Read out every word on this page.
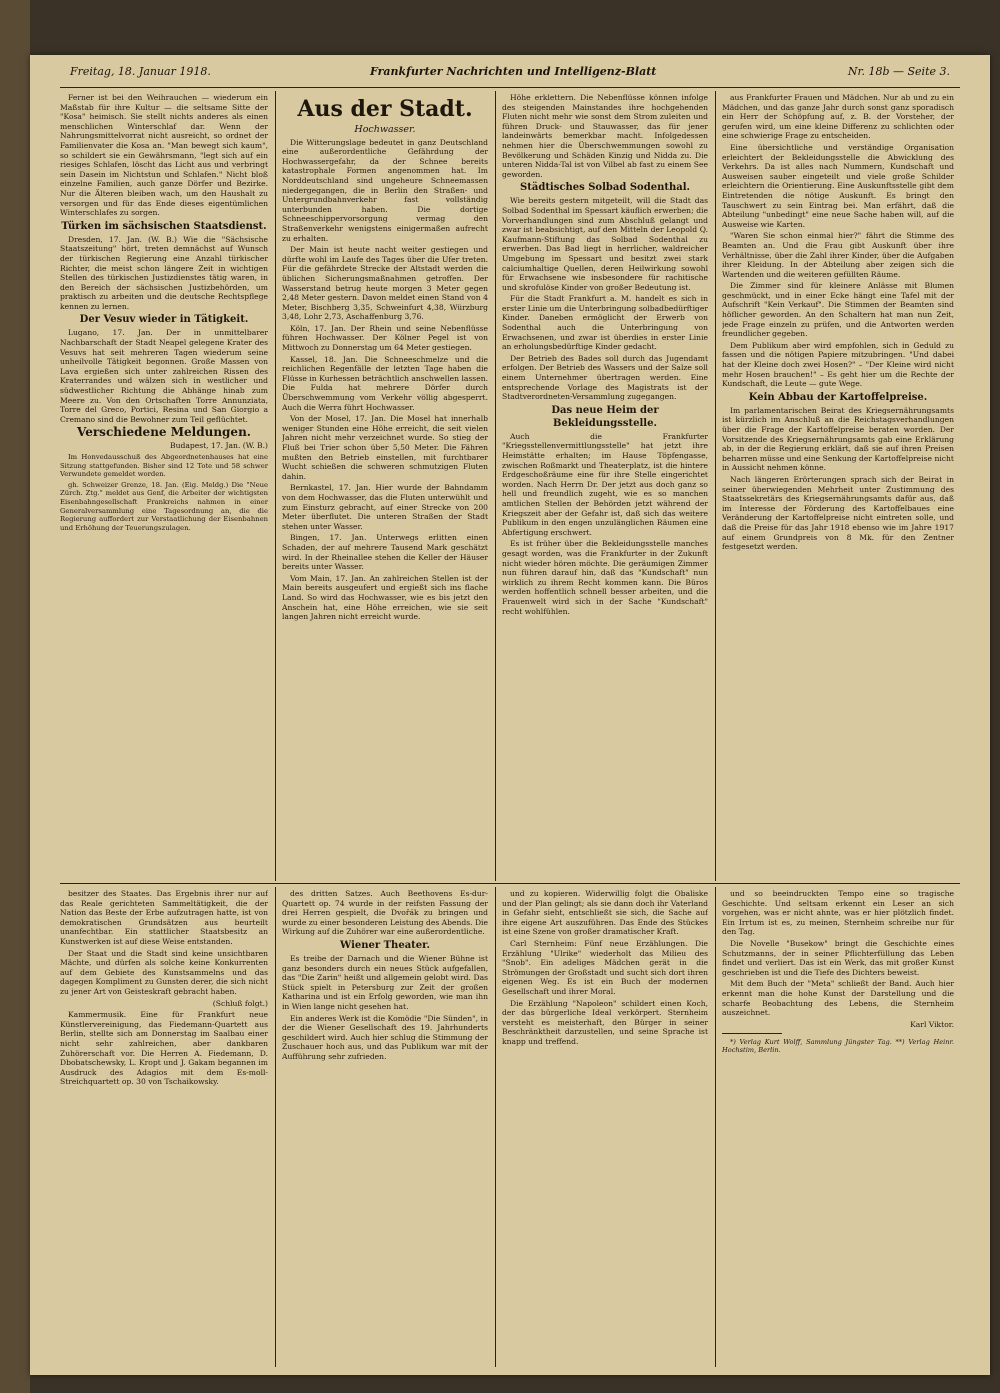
Freitag, 18. Januar 1918.	Frankfurter Nachrichten und Intelligenz-Blatt	Nr. 18b — Seite 3.

Ferner ist bei den Weihrauchen — wiederum ein Maßstab für ihre Kultur — die seltsame Sitte der "Kosa" heimisch. Sie stellt nichts anderes als einen menschlichen Winterschlaf dar. Wenn der Nahrungsmittelvorrat nicht ausreicht, so ordnet der Familienvater die Kosa an. "Man bewegt sich kaum", so schildert sie ein Gewährsmann, "legt sich auf ein riesiges Schlafen, löscht das Licht aus und verbringt sein Dasein im Nichtstun und Schlafen." Nicht bloß einzelne Familien, auch ganze Dörfer und Bezirke. Nur die Älteren bleiben wach, um den Haushalt zu versorgen und für das Ende dieses eigentümlichen Winterschlafes zu sorgen.

Türken im sächsischen Staatsdienst.

Dresden, 17. Jan. (W. B.) Wie die "Sächsische Staatszeitung" hört, treten demnächst auf Wunsch der türkischen Regierung eine Anzahl türkischer Richter, die meist schon längere Zeit in wichtigen Stellen des türkischen Justizdienstes tätig waren, in den Bereich der sächsischen Justizbehörden, um praktisch zu arbeiten und die deutsche Rechtspflege kennen zu lernen.

Der Vesuv wieder in Tätigkeit.

Lugano, 17. Jan. Der in unmittelbarer Nachbarschaft der Stadt Neapel gelegene Krater des Vesuvs hat seit mehreren Tagen wiederum seine unheilvolle Tätigkeit begonnen. Große Massen von Lava ergießen sich unter zahlreichen Rissen des Kraterrandes und wälzen sich in westlicher und südwestlicher Richtung die Abhänge hinab zum Meere zu. Von den Ortschaften Torre Annunziata, Torre del Greco, Portici, Resina und San Giorgio a Cremano sind die Bewohner zum Teil geflüchtet.

Verschiedene Meldungen.

Budapest, 17. Jan. (W. B.)

Im Honvedausschuß des Abgeordnetenhauses hat eine Sitzung stattgefunden. Bisher sind 12 Tote und 58 schwer Verwundete gemeldet worden.

gh. Schweizer Grenze, 18. Jan. (Eig. Meldg.) Die "Neue Zürch. Ztg." meldet aus Genf, die Arbeiter der wichtigsten Eisenbahngesellschaft Frankreichs nahmen in einer Generalversammlung eine Tagesordnung an, die die Regierung auffordert zur Verstaatlichung der Eisenbahnen und Erhöhung der Teuerungszulagen.

Aus der Stadt.
Hochwasser.

Die Witterungslage bedeutet in ganz Deutschland eine außerordentliche Gefährdung der Hochwassergefahr, da der Schnee bereits katastrophale Formen angenommen hat. Im Norddeutschland sind ungeheure Schneemassen niedergegangen, die in Berlin den Straßen- und Untergrundbahnverkehr fast vollständig unterbunden haben. Die dortige Schneeschippervorsorgung vermag den Straßenverkehr wenigstens einigermaßen aufrecht zu erhalten.

Der Main ist heute nacht weiter gestiegen und dürfte wohl im Laufe des Tages über die Ufer treten. Für die gefährdete Strecke der Altstadt werden die üblichen Sicherungsmaßnahmen getroffen. Der Wasserstand betrug heute morgen 3 Meter gegen 2,48 Meter gestern. Davon meldet einen Stand von 4 Meter, Bischberg 3,35, Schweinfurt 4,38, Würzburg 3,48, Lohr 2,73, Aschaffenburg 3,76.

Köln, 17. Jan. Der Rhein und seine Nebenflüsse führen Hochwasser. Der Kölner Pegel ist von Mittwoch zu Donnerstag um 64 Meter gestiegen.

Kassel, 18. Jan. Die Schneeschmelze und die reichlichen Regenfälle der letzten Tage haben die Flüsse in Kurhessen beträchtlich anschwellen lassen. Die Fulda hat mehrere Dörfer durch Überschwemmung vom Verkehr völlig abgesperrt. Auch die Werra führt Hochwasser.

Von der Mosel, 17. Jan. Die Mosel hat innerhalb weniger Stunden eine Höhe erreicht, die seit vielen Jahren nicht mehr verzeichnet wurde. So stieg der Fluß bei Trier schon über 5,50 Meter. Die Fähren mußten den Betrieb einstellen, mit furchtbarer Wucht schießen die schweren schmutzigen Fluten dahin.

Bernkastel, 17. Jan. Hier wurde der Bahndamm von dem Hochwasser, das die Fluten unterwühlt und zum Einsturz gebracht, auf einer Strecke von 200 Meter überflutet. Die unteren Straßen der Stadt stehen unter Wasser.

Bingen, 17. Jan. Unterwegs erlitten einen Schaden, der auf mehrere Tausend Mark geschätzt wird. In der Rheinallee stehen die Keller der Häuser bereits unter Wasser.

Vom Main, 17. Jan. An zahlreichen Stellen ist der Main bereits ausgeufert und ergießt sich ins flache Land. So wird das Hochwasser, wie es bis jetzt den Anschein hat, eine Höhe erreichen, wie sie seit langen Jahren nicht erreicht wurde.

Höhe erklettern. Die Nebenflüsse können infolge des steigenden Mainstandes ihre hochgehenden Fluten nicht mehr wie sonst dem Strom zuleiten und führen Druck- und Stauwasser, das für jener landeinwärts bemerkbar macht. Infolgedessen nehmen hier die Überschwemmungen sowohl zu Bevölkerung und Schäden Kinzig und Nidda zu. Die unteren Nidda-Tal ist von Vilbel ab fast zu einem See geworden.

Städtisches Solbad Sodenthal.

Wie bereits gestern mitgeteilt, will die Stadt das Solbad Sodenthal im Spessart käuflich erwerben; die Vorverhandlungen sind zum Abschluß gelangt und zwar ist beabsichtigt, auf den Mitteln der Leopold Q. Kaufmann-Stiftung das Solbad Sodenthal zu erwerben. Das Bad liegt in herrlicher, waldreicher Umgebung im Spessart und besitzt zwei stark calciumhaltige Quellen, deren Heilwirkung sowohl für Erwachsene wie insbesondere für rachitische und skrofulöse Kinder von großer Bedeutung ist.

Für die Stadt Frankfurt a. M. handelt es sich in erster Linie um die Unterbringung solbadbedürftiger Kinder. Daneben ermöglicht der Erwerb von Sodenthal auch die Unterbringung von Erwachsenen, und zwar ist überdies in erster Linie an erholungsbedürftige Kinder gedacht.

Der Betrieb des Bades soll durch das Jugendamt erfolgen. Der Betrieb des Wassers und der Salze soll einem Unternehmer übertragen werden. Eine entsprechende Vorlage des Magistrats ist der Stadtverordneten-Versammlung zugegangen.

Das neue Heim der Bekleidungsstelle.

Auch die Frankfurter "Kriegsstellenvermittlungsstelle" hat jetzt ihre Heimstätte erhalten; im Hause Töpfengasse, zwischen Roßmarkt und Theaterplatz, ist die hintere Erdgeschoßräume eine für ihre Stelle eingerichtet worden. Nach Herrn Dr. Der jetzt aus doch ganz so hell und freundlich zugeht, wie es so manchen amtlichen Stellen der Behörden jetzt während der Kriegszeit aber der Gefahr ist, daß sich das weitere Publikum in den engen unzulänglichen Räumen eine Abfertigung erschwert.

Es ist früher über die Bekleidungsstelle manches gesagt worden, was die Frankfurter in der Zukunft nicht wieder hören möchte. Die geräumigen Zimmer nun führen darauf hin, daß das "Kundschaft" nun wirklich zu ihrem Recht kommen kann. Die Büros werden hoffentlich schnell besser arbeiten, und die Frauenwelt wird sich in der Sache "Kundschaft" recht wohlfühlen.

aus Frankfurter Frauen und Mädchen. Nur ab und zu ein Mädchen, und das ganze Jahr durch sonst ganz sporadisch ein Herr der Schöpfung auf, z. B. der Vorsteher, der gerufen wird, um eine kleine Differenz zu schlichten oder eine schwierige Frage zu entscheiden.

Eine übersichtliche und verständige Organisation erleichtert der Bekleidungsstelle die Abwicklung des Verkehrs. Da ist alles nach Nummern, Kundschaft und Ausweisen sauber eingeteilt und viele große Schilder erleichtern die Orientierung. Eine Auskunftsstelle gibt dem Eintretenden die nötige Auskunft. Es bringt den Tauschwert zu sein Eintrag bei. Man erfährt, daß die Abteilung "unbedingt" eine neue Sache haben will, auf die Ausweise wie Karten.

"Waren Sie schon einmal hier?" fährt die Stimme des Beamten an. Und die Frau gibt Auskunft über ihre Verhältnisse, über die Zahl ihrer Kinder, über die Aufgaben ihrer Kleidung. In der Abteilung aber zeigen sich die Wartenden und die weiteren gefüllten Räume.

Die Zimmer sind für kleinere Anlässe mit Blumen geschmückt, und in einer Ecke hängt eine Tafel mit der Aufschrift "Kein Verkauf". Die Stimmen der Beamten sind höflicher geworden. An den Schaltern hat man nun Zeit, jede Frage einzeln zu prüfen, und die Antworten werden freundlicher gegeben.

Dem Publikum aber wird empfohlen, sich in Geduld zu fassen und die nötigen Papiere mitzubringen. "Und dabei hat der Kleine doch zwei Hosen?" – "Der Kleine wird nicht mehr Hosen brauchen!" – Es geht hier um die Rechte der Kundschaft, die Leute — gute Wege.

Kein Abbau der Kartoffelpreise.

Im parlamentarischen Beirat des Kriegsernährungsamts ist kürzlich im Anschluß an die Reichstagsverhandlungen über die Frage der Kartoffelpreise beraten worden. Der Vorsitzende des Kriegsernährungsamts gab eine Erklärung ab, in der die Regierung erklärt, daß sie auf ihren Preisen beharren müsse und eine Senkung der Kartoffelpreise nicht in Aussicht nehmen könne.

Nach längeren Erörterungen sprach sich der Beirat in seiner überwiegenden Mehrheit unter Zustimmung des Staatssekretärs des Kriegsernährungsamts dafür aus, daß im Interesse der Förderung des Kartoffelbaues eine Veränderung der Kartoffelpreise nicht eintreten solle, und daß die Preise für das Jahr 1918 ebenso wie im Jahre 1917 auf einem Grundpreis von 8 Mk. für den Zentner festgesetzt werden.

besitzer des Staates. Das Ergebnis ihrer nur auf das Reale gerichteten Sammeltätigkeit, die der Nation das Beste der Erbe aufzutragen hatte, ist von demokratischen Grundsätzen aus beurteilt unanfechtbar. Ein stattlicher Staatsbesitz an Kunstwerken ist auf diese Weise entstanden.

Der Staat und die Stadt sind keine unsichtbaren Mächte, und dürfen als solche keine Konkurrenten auf dem Gebiete des Kunstsammelns und das dagegen Kompliment zu Gunsten derer, die sich nicht zu jener Art von Geisteskraft gebracht haben.

(Schluß folgt.)

Kammermusik. Eine für Frankfurt neue Künstlervereinigung, das Fiedemann-Quartett aus Berlin, stellte sich am Donnerstag im Saalbau einer nicht sehr zahlreichen, aber dankbaren Zuhörerschaft vor. Die Herren A. Fiedemann, D. Dbobatschewsky, L. Kropt und J. Gakam begannen im Ausdruck des Adagios mit dem Es-moll-Streichquartett op. 30 von Tschaikowsky.

des dritten Satzes. Auch Beethovens Es-dur-Quartett op. 74 wurde in der reifsten Fassung der drei Herren gespielt, die Dvořák zu bringen und wurde zu einer besonderen Leistung des Abends. Die Wirkung auf die Zuhörer war eine außerordentliche.

Wiener Theater.

Es treibe der Darnach und die Wiener Bühne ist ganz besonders durch ein neues Stück aufgefallen, das "Die Zarin" heißt und allgemein gelobt wird. Das Stück spielt in Petersburg zur Zeit der großen Katharina und ist ein Erfolg geworden, wie man ihn in Wien lange nicht gesehen hat.

Ein anderes Werk ist die Komödie "Die Sünden", in der die Wiener Gesellschaft des 19. Jahrhunderts geschildert wird. Auch hier schlug die Stimmung der Zuschauer hoch aus, und das Publikum war mit der Aufführung sehr zufrieden.

und zu kopieren. Widerwillig folgt die Obaliske und der Plan gelingt; als sie dann doch ihr Vaterland in Gefahr sieht, entschließt sie sich, die Sache auf ihre eigene Art auszuführen. Das Ende des Stückes ist eine Szene von großer dramatischer Kraft.

Carl Sternheim: Fünf neue Erzählungen. Die Erzählung "Ulrike" wiederholt das Milieu des "Snob". Ein adeliges Mädchen gerät in die Strömungen der Großstadt und sucht sich dort ihren eigenen Weg. Es ist ein Buch der modernen Gesellschaft und ihrer Moral.

Die Erzählung "Napoleon" schildert einen Koch, der das bürgerliche Ideal verkörpert. Sternheim versteht es meisterhaft, den Bürger in seiner Beschränktheit darzustellen, und seine Sprache ist knapp und treffend.

und so beeindruckten Tempo eine so tragische Geschichte. Und seltsam erkennt ein Leser an sich vorgehen, was er nicht ahnte, was er hier plötzlich findet. Ein Irrtum ist es, zu meinen, Sternheim schreibe nur für den Tag.

Die Novelle "Busekow" bringt die Geschichte eines Schutzmanns, der in seiner Pflichterfüllung das Leben findet und verliert. Das ist ein Werk, das mit großer Kunst geschrieben ist und die Tiefe des Dichters beweist.

Mit dem Buch der "Meta" schließt der Band. Auch hier erkennt man die hohe Kunst der Darstellung und die scharfe Beobachtung des Lebens, die Sternheim auszeichnet.

Karl Viktor.

*) Verlag Kurt Wolff, Sammlung Jüngster Tag. **) Verlag Heinr. Hochstim, Berlin.
